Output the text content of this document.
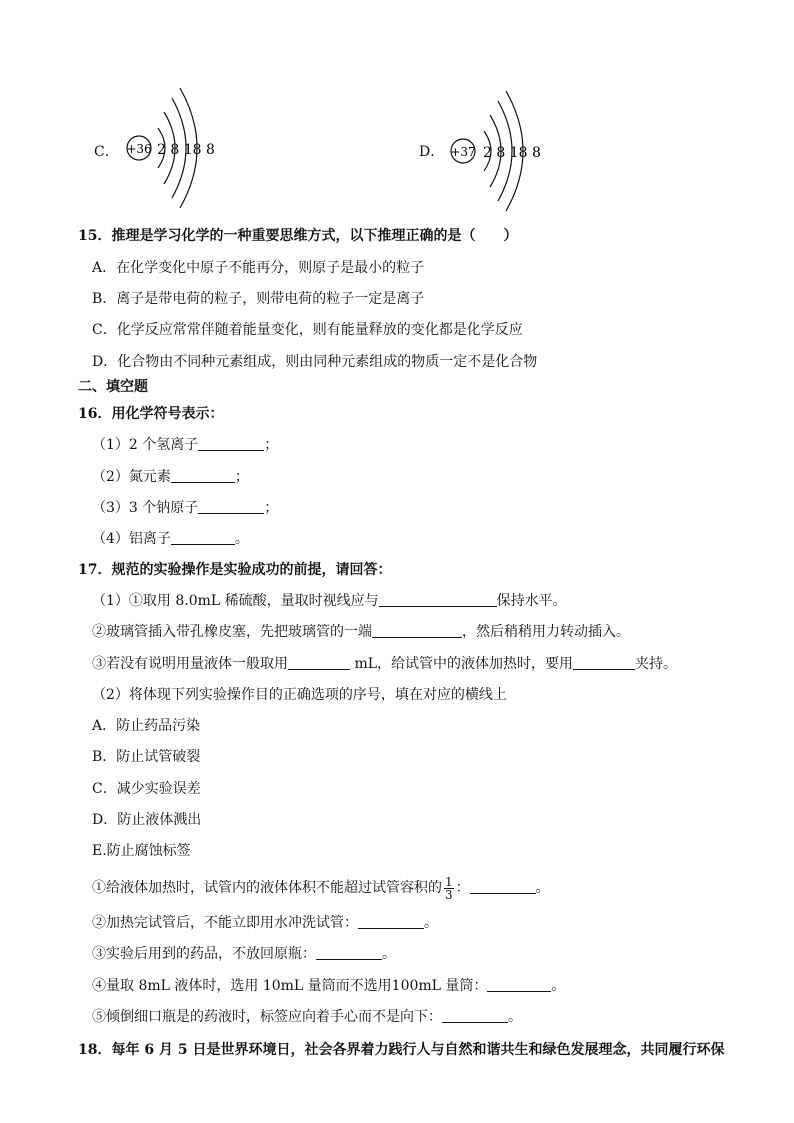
C． +36 2 8 18 8	D． +37 2 8 18 8
15．推理是学习化学的一种重要思维方式，以下推理正确的是（　　）
A．在化学变化中原子不能再分，则原子是最小的粒子
B．离子是带电荷的粒子，则带电荷的粒子一定是离子
C．化学反应常常伴随着能量变化，则有能量释放的变化都是化学反应
D．化合物由不同种元素组成，则由同种元素组成的物质一定不是化合物
二、填空题
16．用化学符号表示：
（1）2 个氢离子	；
（2）氮元素	；
（3）3 个钠原子	；
（4）铝离子	。
17．规范的实验操作是实验成功的前提，请回答：
（1）①取用 8.0mL 稀硫酸，量取时视线应与	保持水平。
②玻璃管插入带孔橡皮塞，先把玻璃管的一端	，然后稍稍用力转动插入。
③若没有说明用量液体一般取用	mL，给试管中的液体加热时，要用	夹持。
（2）将体现下列实验操作目的正确选项的序号，填在对应的横线上
A．防止药品污染
B．防止试管破裂
C．减少实验误差
D．防止液体溅出
E.防止腐蚀标签
①给液体加热时，试管内的液体体积不能超过试管容积的 $\frac{1}{3}$ ：	。
②加热完试管后，不能立即用水冲洗试管：	。
③实验后用到的药品，不放回原瓶：	。
④量取 8mL 液体时，选用 10mL 量筒而不选用100mL 量筒：	。
⑤倾倒细口瓶是的药液时，标签应向着手心而不是向下：	。
18．每年 6 月 5 日是世界环境日，社会各界着力践行人与自然和谐共生和绿色发展理念，共同履行环保
